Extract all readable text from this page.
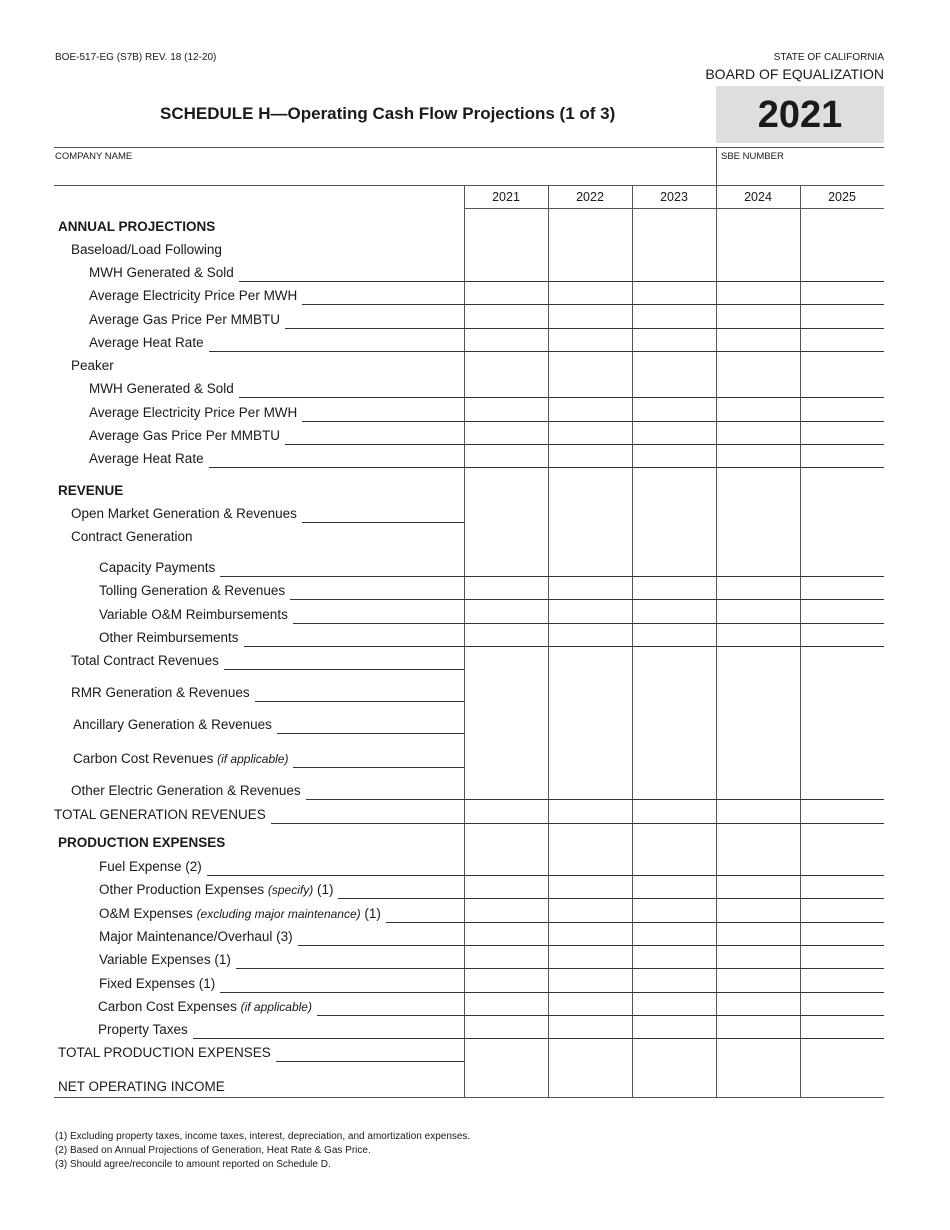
BOE-517-EG (S7B) REV. 18 (12-20)	STATE OF CALIFORNIA
BOARD OF EQUALIZATION
SCHEDULE H—Operating Cash Flow Projections (1 of 3)	2021
COMPANY NAME	SBE NUMBER
2021	2022	2023	2024	2025
ANNUAL PROJECTIONS
Baseload/Load Following
MWH Generated & Sold
Average Electricity Price Per MWH
Average Gas Price Per MMBTU
Average Heat Rate
Peaker
MWH Generated & Sold
Average Electricity Price Per MWH
Average Gas Price Per MMBTU
Average Heat Rate
REVENUE
Open Market Generation & Revenues
Contract Generation
Capacity Payments
Tolling Generation & Revenues
Variable O&M Reimbursements
Other Reimbursements
Total Contract Revenues
RMR Generation & Revenues
Ancillary Generation & Revenues
Carbon Cost Revenues (if applicable)
Other Electric Generation & Revenues
TOTAL GENERATION REVENUES
PRODUCTION EXPENSES
Fuel Expense (2)
Other Production Expenses (specify) (1)
O&M Expenses (excluding major maintenance) (1)
Major Maintenance/Overhaul (3)
Variable Expenses (1)
Fixed Expenses (1)
Carbon Cost Expenses (if applicable)
Property Taxes
TOTAL PRODUCTION EXPENSES
NET OPERATING INCOME
(1) Excluding property taxes, income taxes, interest, depreciation, and amortization expenses.
(2) Based on Annual Projections of Generation, Heat Rate & Gas Price.
(3) Should agree/reconcile to amount reported on Schedule D.
